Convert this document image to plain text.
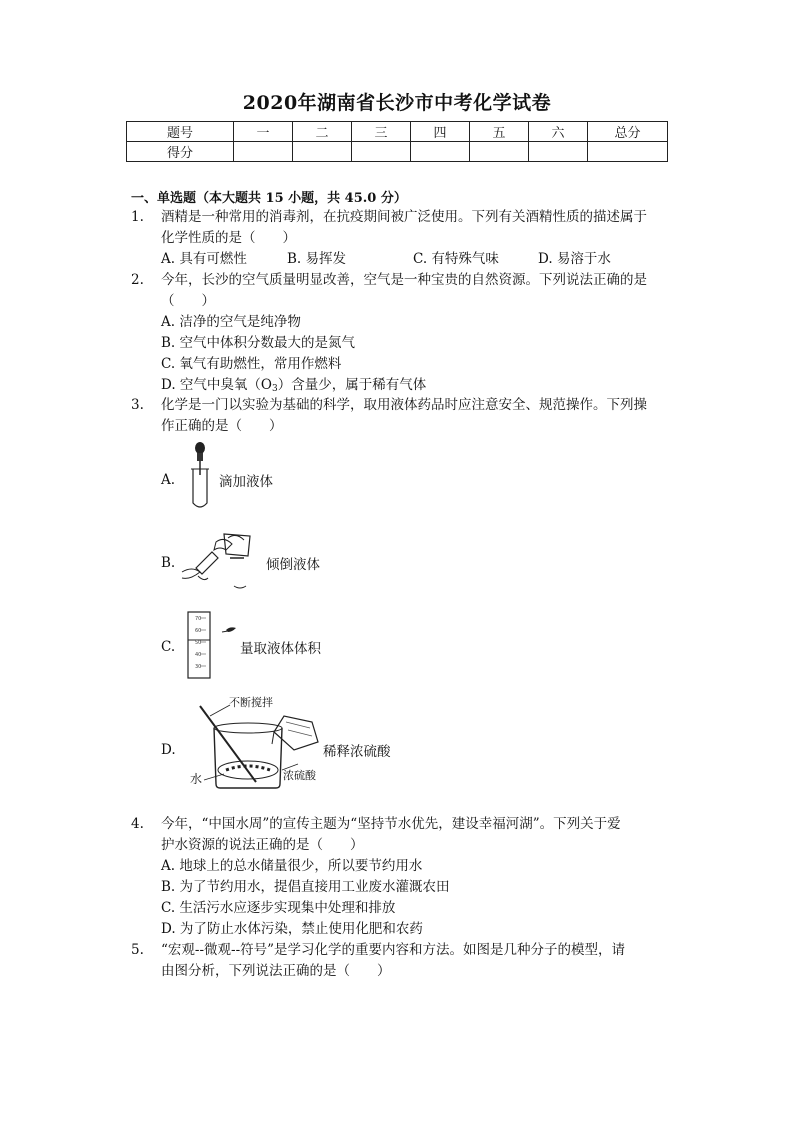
2020年湖南省长沙市中考化学试卷
题号	一	二	三	四	五	六	总分
得分							
一、单选题（本大题共 15 小题，共 45.0 分）
1.	酒精是一种常用的消毒剂，在抗疫期间被广泛使用。下列有关酒精性质的描述属于
化学性质的是（　　）
A. 具有可燃性	B. 易挥发	C. 有特殊气味	D. 易溶于水
2.	今年，长沙的空气质量明显改善，空气是一种宝贵的自然资源。下列说法正确的是
（　　）
A. 洁净的空气是纯净物
B. 空气中体积分数最大的是氮气
C. 氧气有助燃性，常用作燃料
D. 空气中臭氧$(O_3)$含量少，属于稀有气体
3.	化学是一门以实验为基础的科学，取用液体药品时应注意安全、规范操作。下列操
作正确的是（　　）
A.	滴加液体
B.	倾倒液体
C.
70
60
50
40
30
量取液体体积
D.
不断搅拌
稀释浓硫酸
水	浓硫酸
4.	今年，“中国水周”的宣传主题为“坚持节水优先，建设幸福河湖”。下列关于爱
护水资源的说法正确的是（　　）
A. 地球上的总水储量很少，所以要节约用水
B. 为了节约用水，提倡直接用工业废水灌溉农田
C. 生活污水应逐步实现集中处理和排放
D. 为了防止水体污染，禁止使用化肥和农药
5.	“宏观--微观--符号”是学习化学的重要内容和方法。如图是几种分子的模型，请
由图分析，下列说法正确的是（　　）
